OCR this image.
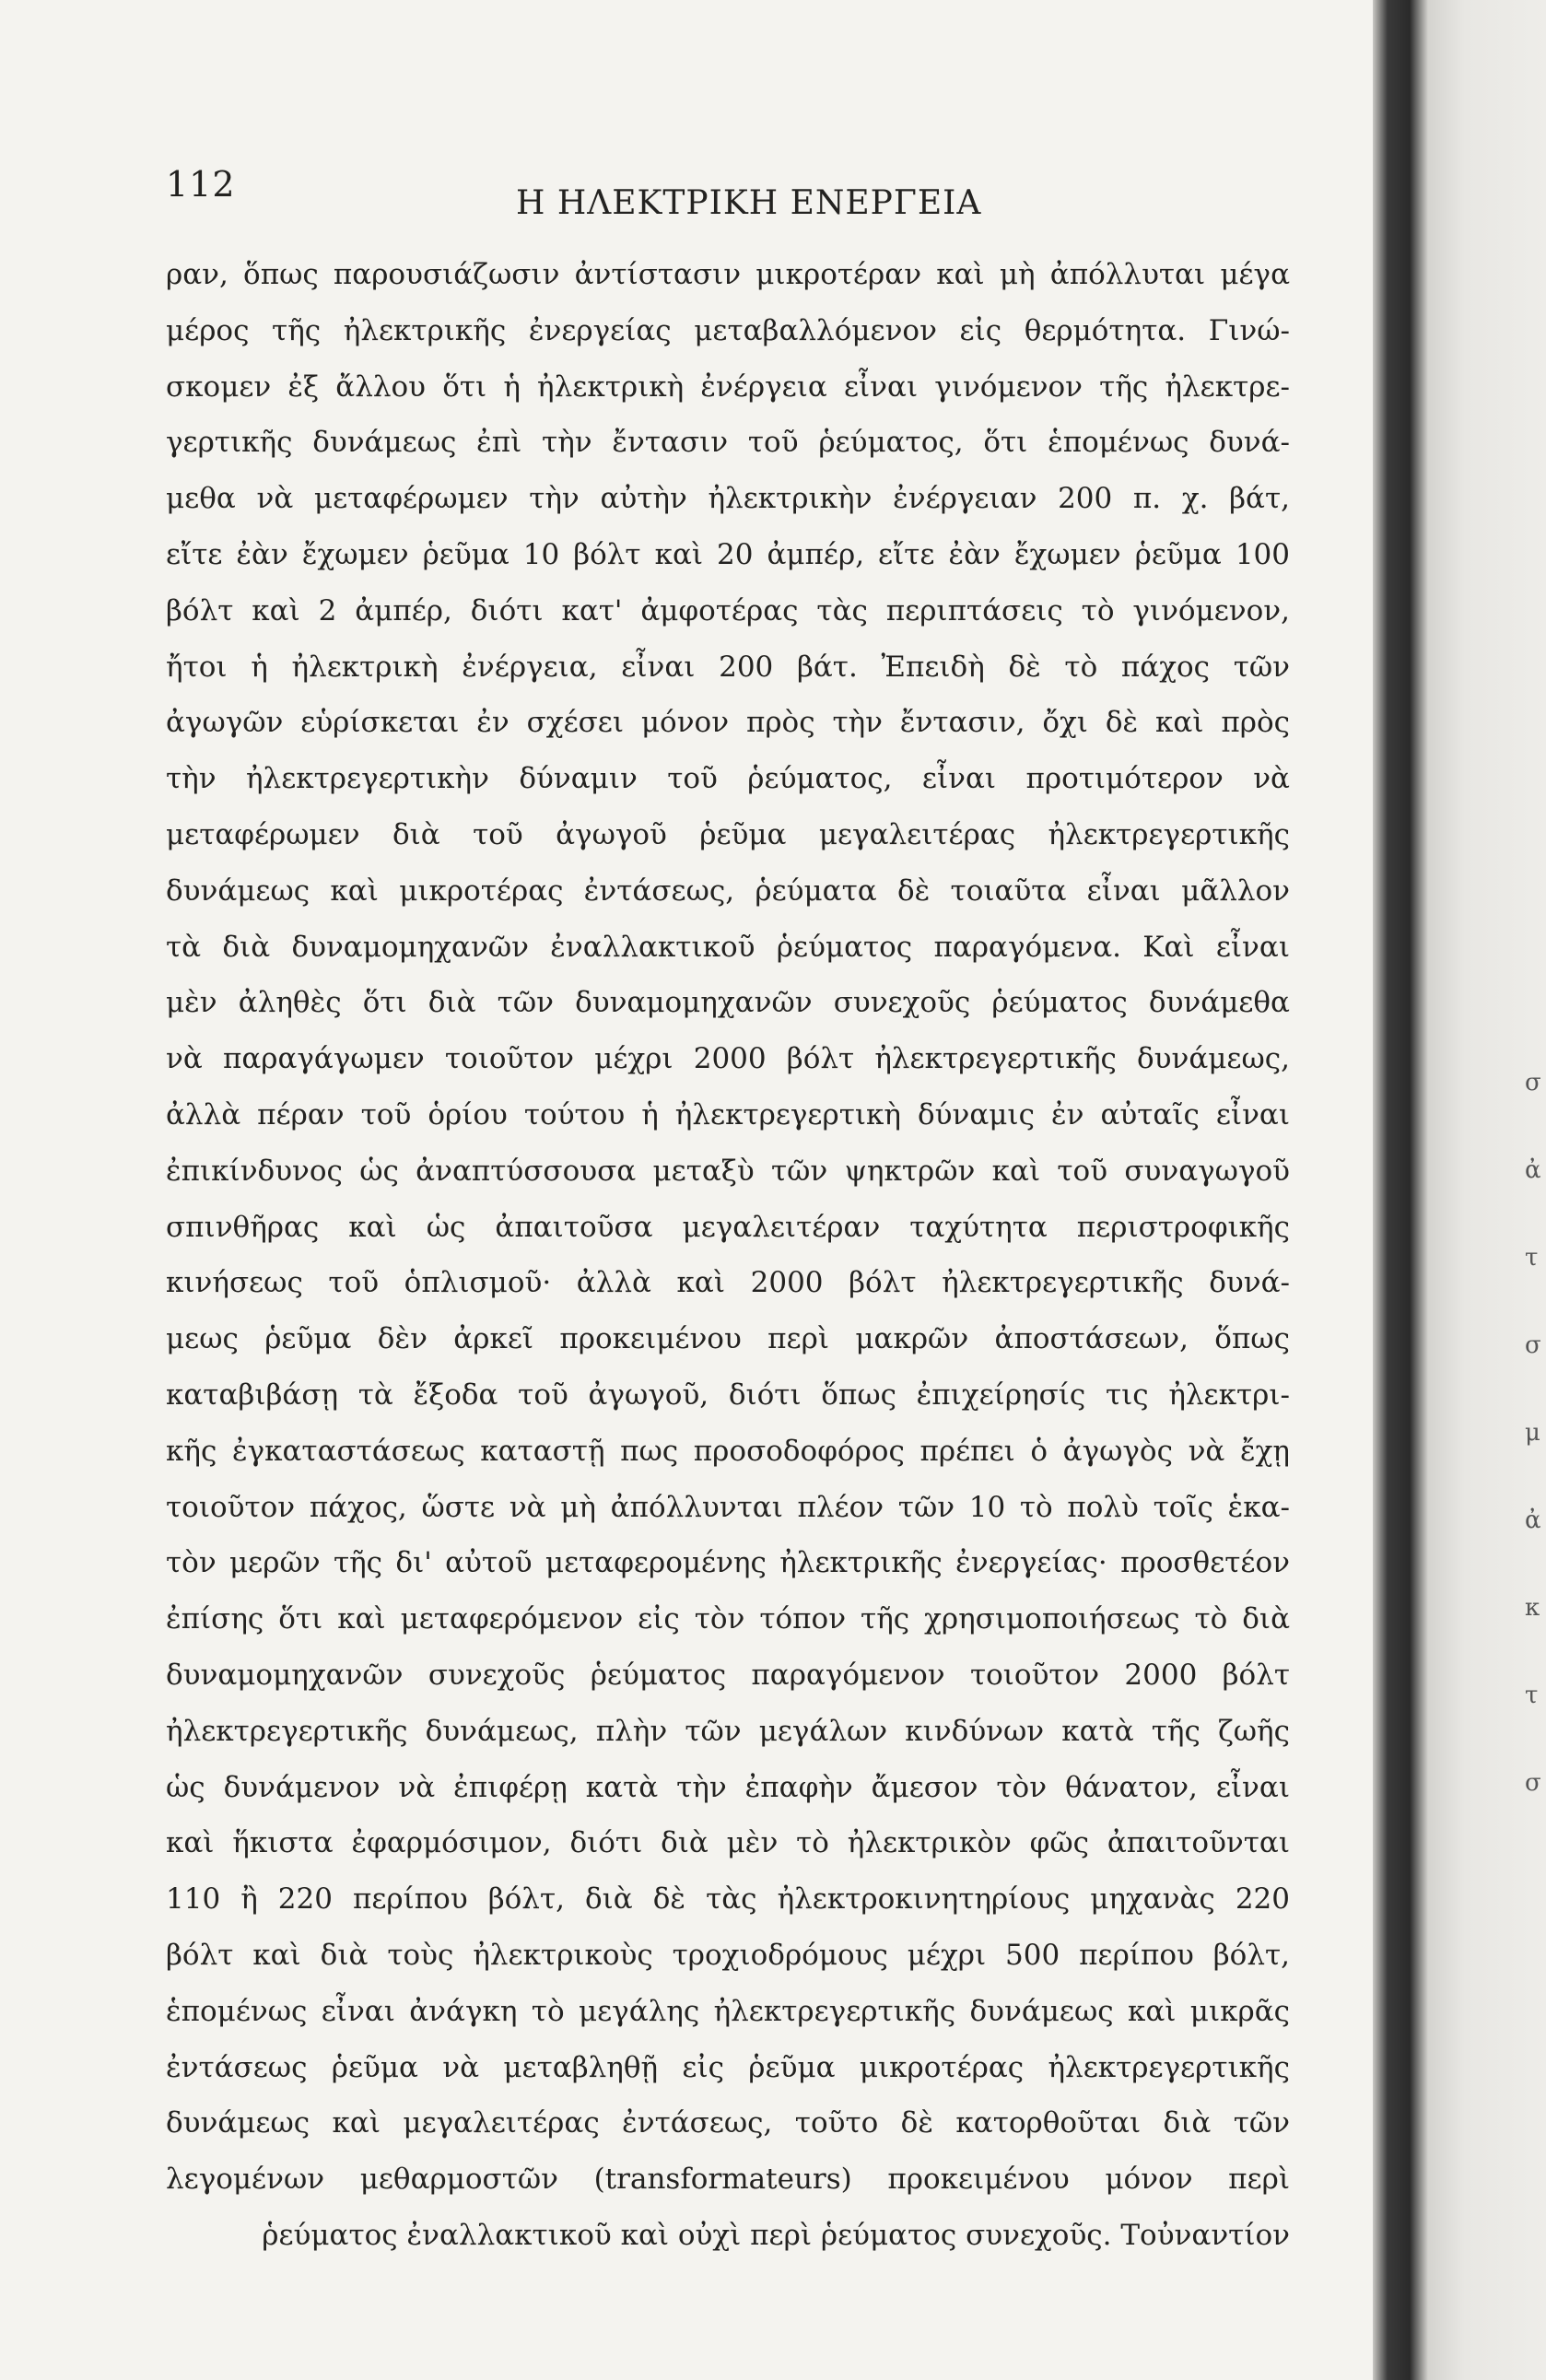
112	Η ΗΛΕΚΤΡΙΚΗ ΕΝΕΡΓΕΙΑ
ραν, ὅπως παρουσιάζωσιν ἀντίστασιν μικροτέραν καὶ μὴ ἀπόλλυται μέγα
μέρος τῆς ἠλεκτρικῆς ἐνεργείας μεταβαλλόμενον εἰς θερμότητα. Γινώ-
σκομεν ἐξ ἄλλου ὅτι ἡ ἠλεκτρικὴ ἐνέργεια εἶναι γινόμενον τῆς ἠλεκτρε-
γερτικῆς δυνάμεως ἐπὶ τὴν ἔντασιν τοῦ ῥεύματος, ὅτι ἑπομένως δυνά-
μεθα νὰ μεταφέρωμεν τὴν αὐτὴν ἠλεκτρικὴν ἐνέργειαν 200 π. χ. βάτ,
εἴτε ἐὰν ἔχωμεν ῥεῦμα 10 βόλτ καὶ 20 ἀμπέρ, εἴτε ἐὰν ἔχωμεν ῥεῦμα 100
βόλτ καὶ 2 ἀμπέρ, διότι κατ' ἀμφοτέρας τὰς περιπτάσεις τὸ γινόμενον,
ἤτοι ἡ ἠλεκτρικὴ ἐνέργεια, εἶναι 200 βάτ. Ἐπειδὴ δὲ τὸ πάχος τῶν
ἀγωγῶν εὑρίσκεται ἐν σχέσει μόνον πρὸς τὴν ἔντασιν, ὄχι δὲ καὶ πρὸς
τὴν ἠλεκτρεγερτικὴν δύναμιν τοῦ ῥεύματος, εἶναι προτιμότερον νὰ
μεταφέρωμεν διὰ τοῦ ἀγωγοῦ ῥεῦμα μεγαλειτέρας ἠλεκτρεγερτικῆς
δυνάμεως καὶ μικροτέρας ἐντάσεως, ῥεύματα δὲ τοιαῦτα εἶναι μᾶλλον
τὰ διὰ δυναμομηχανῶν ἐναλλακτικοῦ ῥεύματος παραγόμενα. Καὶ εἶναι
μὲν ἀληθὲς ὅτι διὰ τῶν δυναμομηχανῶν συνεχοῦς ῥεύματος δυνάμεθα
νὰ παραγάγωμεν τοιοῦτον μέχρι 2000 βόλτ ἠλεκτρεγερτικῆς δυνάμεως,
ἀλλὰ πέραν τοῦ ὁρίου τούτου ἡ ἠλεκτρεγερτικὴ δύναμις ἐν αὐταῖς εἶναι
ἐπικίνδυνος ὡς ἀναπτύσσουσα μεταξὺ τῶν ψηκτρῶν καὶ τοῦ συναγωγοῦ
σπινθῆρας καὶ ὡς ἀπαιτοῦσα μεγαλειτέραν ταχύτητα περιστροφικῆς
κινήσεως τοῦ ὁπλισμοῦ· ἀλλὰ καὶ 2000 βόλτ ἠλεκτρεγερτικῆς δυνά-
μεως ῥεῦμα δὲν ἀρκεῖ προκειμένου περὶ μακρῶν ἀποστάσεων, ὅπως
καταβιβάσῃ τὰ ἔξοδα τοῦ ἀγωγοῦ, διότι ὅπως ἐπιχείρησίς τις ἠλεκτρι-
κῆς ἐγκαταστάσεως καταστῇ πως προσοδοφόρος πρέπει ὁ ἀγωγὸς νὰ ἔχῃ
τοιοῦτον πάχος, ὥστε νὰ μὴ ἀπόλλυνται πλέον τῶν 10 τὸ πολὺ τοῖς ἑκα-
τὸν μερῶν τῆς δι' αὐτοῦ μεταφερομένης ἠλεκτρικῆς ἐνεργείας· προσθετέον
ἐπίσης ὅτι καὶ μεταφερόμενον εἰς τὸν τόπον τῆς χρησιμοποιήσεως τὸ διὰ
δυναμομηχανῶν συνεχοῦς ῥεύματος παραγόμενον τοιοῦτον 2000 βόλτ
ἠλεκτρεγερτικῆς δυνάμεως, πλὴν τῶν μεγάλων κινδύνων κατὰ τῆς ζωῆς
ὡς δυνάμενον νὰ ἐπιφέρῃ κατὰ τὴν ἐπαφὴν ἄμεσον τὸν θάνατον, εἶναι
καὶ ἥκιστα ἐφαρμόσιμον, διότι διὰ μὲν τὸ ἠλεκτρικὸν φῶς ἀπαιτοῦνται
110 ἢ 220 περίπου βόλτ, διὰ δὲ τὰς ἠλεκτροκινητηρίους μηχανὰς 220
βόλτ καὶ διὰ τοὺς ἠλεκτρικοὺς τροχιοδρόμους μέχρι 500 περίπου βόλτ,
ἑπομένως εἶναι ἀνάγκη τὸ μεγάλης ἠλεκτρεγερτικῆς δυνάμεως καὶ μικρᾶς
ἐντάσεως ῥεῦμα νὰ μεταβληθῇ εἰς ῥεῦμα μικροτέρας ἠλεκτρεγερτικῆς
δυνάμεως καὶ μεγαλειτέρας ἐντάσεως, τοῦτο δὲ κατορθοῦται διὰ τῶν
λεγομένων μεθαρμοστῶν (transformateurs) προκειμένου μόνον περὶ
ῥεύματος ἐναλλακτικοῦ καὶ οὐχὶ περὶ ῥεύματος συνεχοῦς. Τοὐναντίον
σ
ἀ
τ
σ
μ
ἀ
κ
τ
σ
